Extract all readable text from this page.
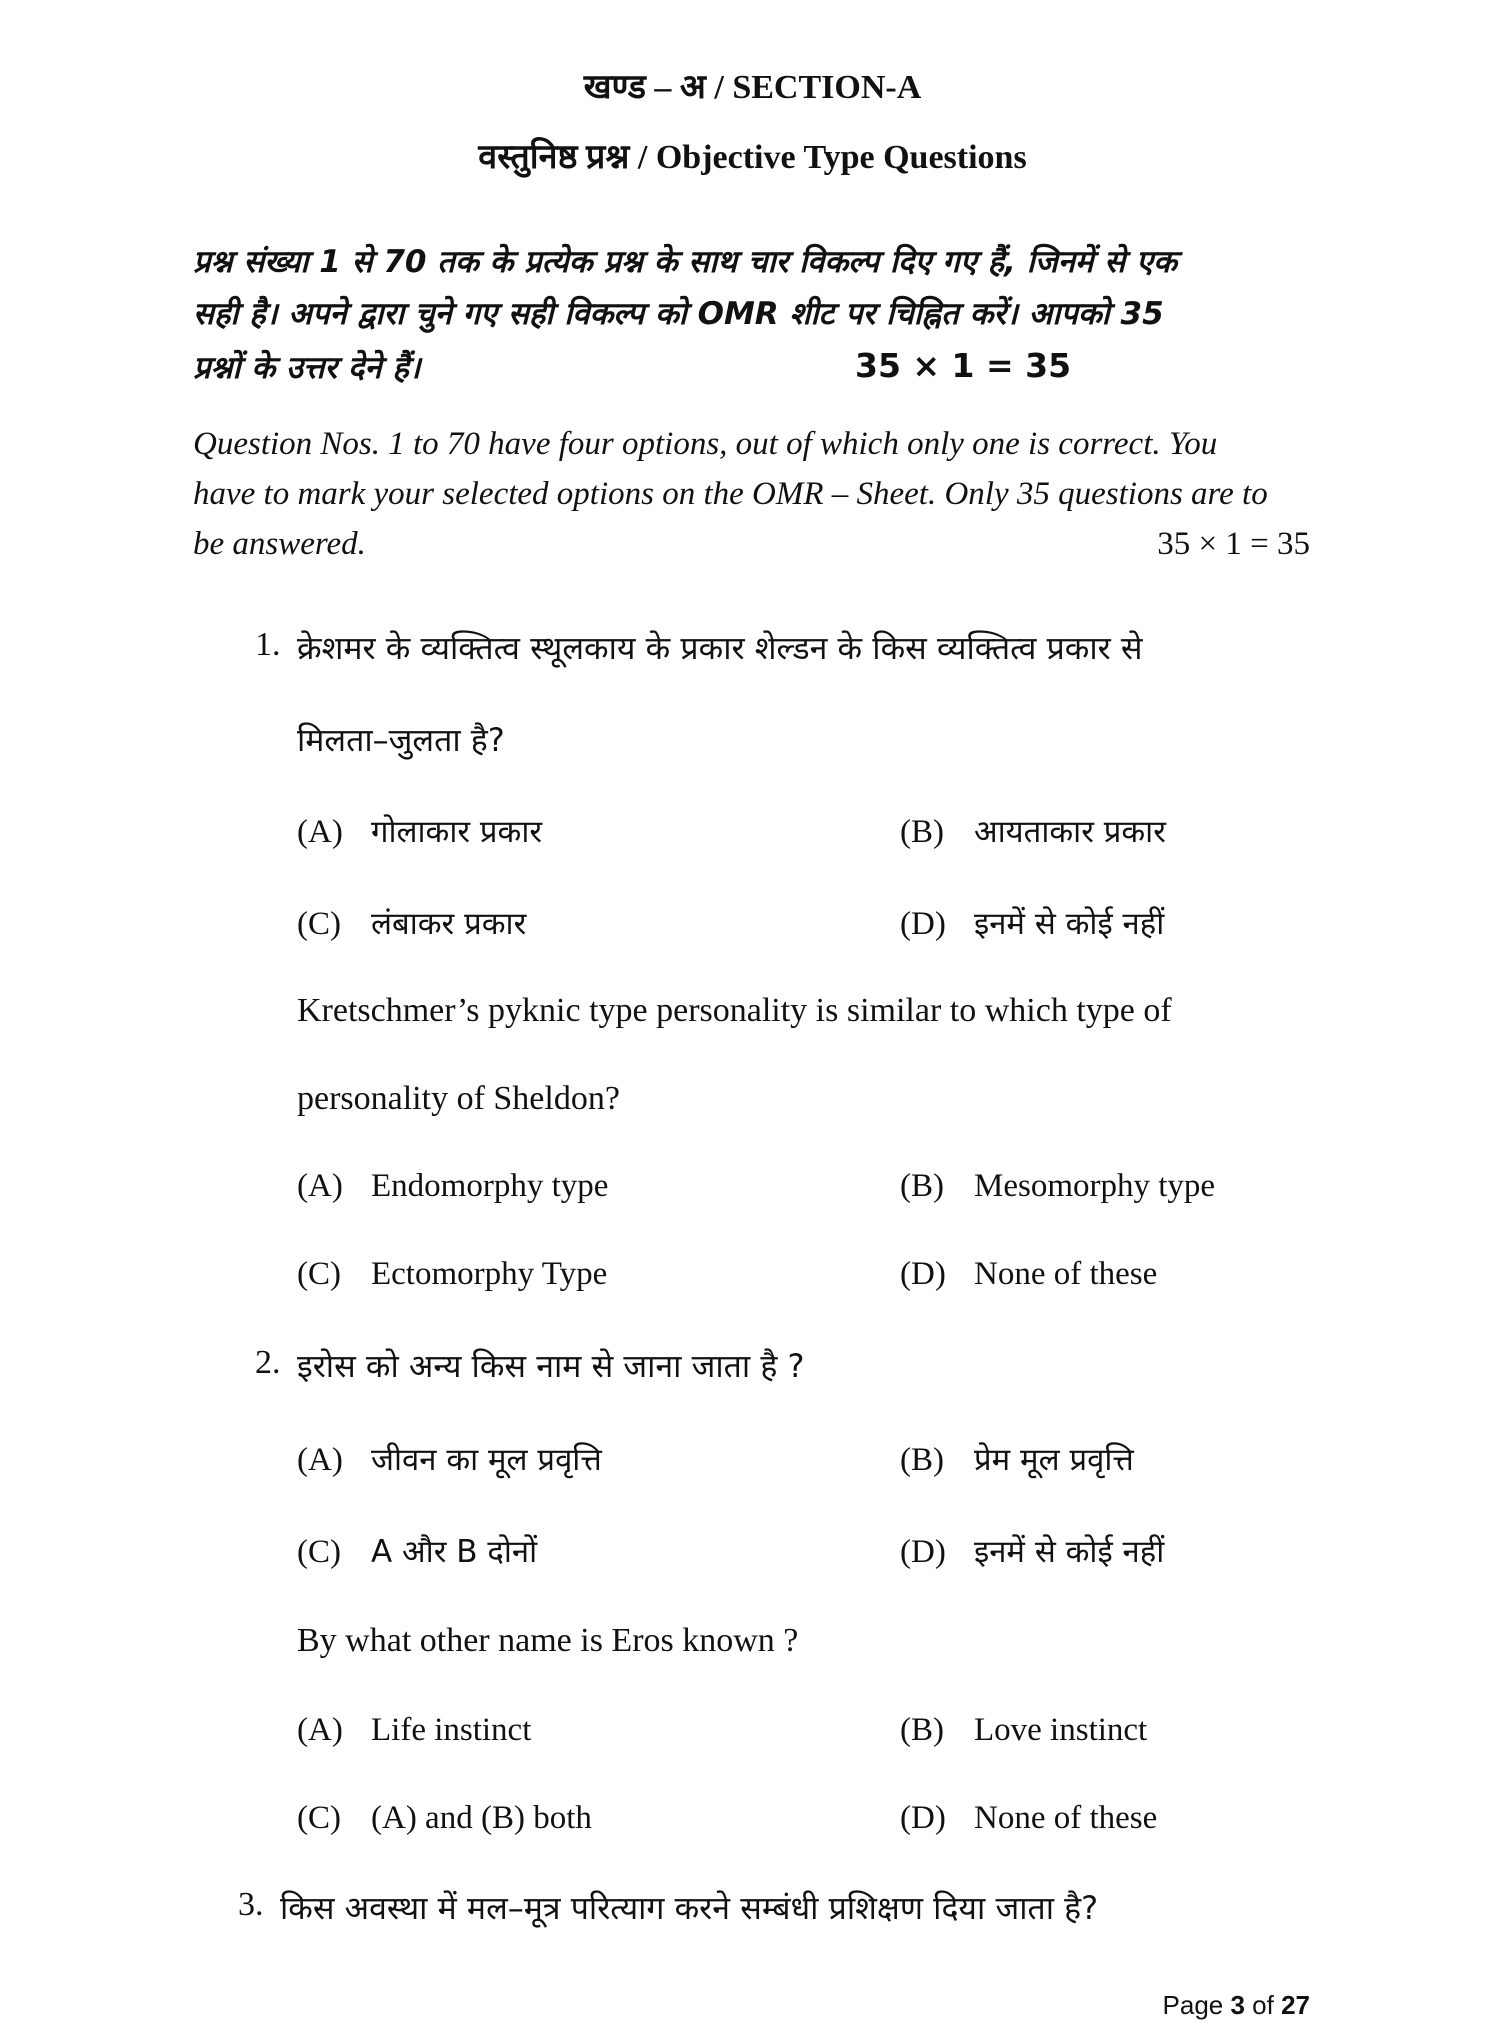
खण्ड – अ / SECTION-A
वस्तुनिष्ठ प्रश्न / Objective Type Questions
प्रश्न संख्या 1 से 70 तक के प्रत्येक प्रश्न के साथ चार विकल्प दिए गए हैं, जिनमें से एक
सही है। अपने द्वारा चुने गए सही विकल्प को OMR शीट पर चिह्नित करें। आपको 35
प्रश्नों के उत्तर देने हैं।	35 × 1 = 35
Question Nos. 1 to 70 have four options, out of which only one is correct. You
have to mark your selected options on the OMR – Sheet. Only 35 questions are to
be answered.	35 × 1 = 35
1. क्रेशमर के व्यक्तित्व स्थूलकाय के प्रकार शेल्डन के किस व्यक्तित्व प्रकार से
मिलता–जुलता है?
(A) गोलाकार प्रकार	(B) आयताकार प्रकार
(C) लंबाकर प्रकार	(D) इनमें से कोई नहीं
Kretschmer’s pyknic type personality is similar to which type of
personality of Sheldon?
(A) Endomorphy type	(B) Mesomorphy type
(C) Ectomorphy Type	(D) None of these
2. इरोस को अन्य किस नाम से जाना जाता है ?
(A) जीवन का मूल प्रवृत्ति	(B) प्रेम मूल प्रवृत्ति
(C) A और B दोनों	(D) इनमें से कोई नहीं
By what other name is Eros known ?
(A) Life instinct	(B) Love instinct
(C) (A) and (B) both	(D) None of these
3. किस अवस्था में मल–मूत्र परित्याग करने सम्बंधी प्रशिक्षण दिया जाता है?
Page 3 of 27
